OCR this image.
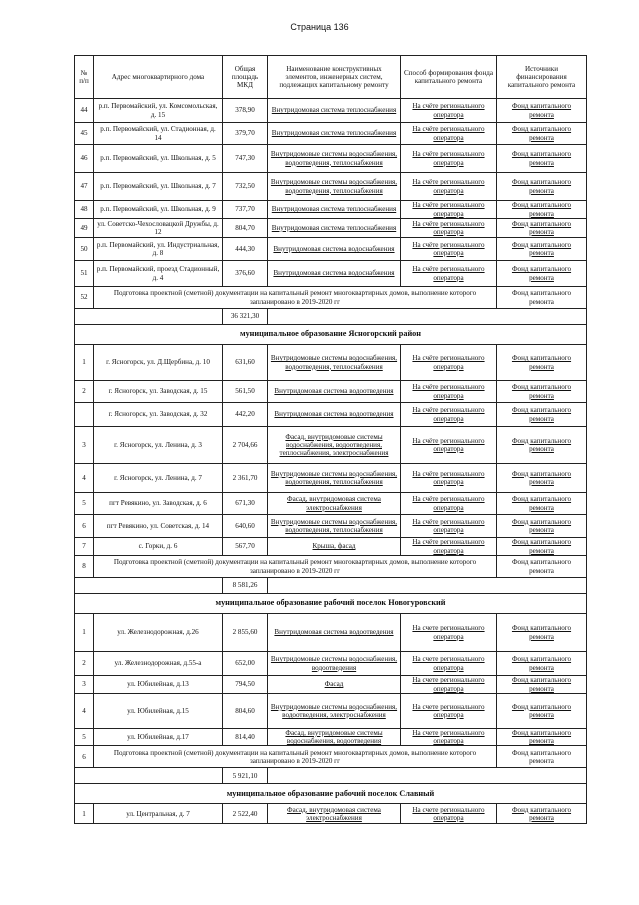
Страница 136
№ п/п	Адрес многоквартирного дома	Общая площадь МКД	Наименование конструктивных элементов, инженерных систем, подлежащих капитальному ремонту	Способ формирования фонда капитального ремонта	Источники финансирования капитального ремонта
44	р.п. Первомайский, ул. Комсомольская, д. 15	378,90	Внутридомовая система теплоснабжения	На счёте регионального оператора	Фонд капитального ремонта
45	р.п. Первомайский, ул. Стадионная, д. 14	379,70	Внутридомовая система теплоснабжения	На счёте регионального оператора	Фонд капитального ремонта
46	р.п. Первомайский, ул. Школьная, д. 5	747,30	Внутридомовые системы водоснабжения, водоотведения, теплоснабжения	На счёте регионального оператора	Фонд капитального ремонта
47	р.п. Первомайский, ул. Школьная, д. 7	732,50	Внутридомовые системы водоснабжения, водоотведения, теплоснабжения	На счёте регионального оператора	Фонд капитального ремонта
48	р.п. Первомайский, ул. Школьная, д. 9	737,70	Внутридомовая система теплоснабжения	На счёте регионального оператора	Фонд капитального ремонта
49	ул. Советско-Чехословацкой Дружбы, д. 12	804,70	Внутридомовая система теплоснабжения	На счёте регионального оператора	Фонд капитального ремонта
50	р.п. Первомайский, ул. Индустриальная, д. 8	444,30	Внутридомовая система водоснабжения	На счёте регионального оператора	Фонд капитального ремонта
51	р.п. Первомайский, проезд Стадионный, д. 4	376,60	Внутридомовая система водоснабжения	На счёте регионального оператора	Фонд капитального ремонта
52	Подготовка проектной (сметной) документации на капитальный ремонт многоквартирных домов, выполнение которого запланировано в 2019-2020 гг				Фонд капитального ремонта
		36 321,30			
муниципальное образование Ясногорский район					
1	г. Ясногорск, ул. Д.Щербина, д. 10	631,60	Внутридомовые системы водоснабжения, водоотведения, теплоснабжения	На счёте регионального оператора	Фонд капитального ремонта
2	г. Ясногорск, ул. Заводская, д. 15	561,50	Внутридомовая система водоотведения	На счёте регионального оператора	Фонд капитального ремонта
	г. Ясногорск, ул. Заводская, д. 32	442,20	Внутридомовая система водоотведения	На счёте регионального оператора	Фонд капитального ремонта
3	г. Ясногорск, ул. Ленина, д. 3	2 704,66	Фасад, внутридомовые системы водоснабжения, водоотведения, теплоснабжения, электроснабжения	На счёте регионального оператора	Фонд капитального ремонта
4	г. Ясногорск, ул. Ленина, д. 7	2 361,70	Внутридомовые системы водоснабжения, водоотведения, теплоснабжения	На счёте регионального оператора	Фонд капитального ремонта
5	пгт Ревякино, ул. Заводская, д. 6	671,30	Фасад, внутридомовая система электроснабжения	На счёте регионального оператора	Фонд капитального ремонта
6	пгт Ревякино, ул. Советская, д. 14	640,60	Внутридомовые системы водоснабжения, водоотведения, теплоснабжения	На счёте регионального оператора	Фонд капитального ремонта
7	с. Горки, д. 6	567,70	Крыша, фасад	На счёте регионального оператора	Фонд капитального ремонта
8	Подготовка проектной (сметной) документации на капитальный ремонт многоквартирных домов, выполнение которого запланировано в 2019-2020 гг				Фонд капитального ремонта
		8 581,26			
муниципальное образование рабочий поселок Новогуровский					
1	ул. Железнодорожная, д.26	2 855,60	Внутридомовая система водоотведения	На счете регионального оператора	Фонд капитального ремонта
2	ул. Железнодорожная, д.55-а	652,00	Внутридомовые системы водоснабжения, водоотведения	На счете регионального оператора	Фонд капитального ремонта
3	ул. Юбилейная, д.13	794,50	Фасад	На счете регионального оператора	Фонд капитального ремонта
4	ул. Юбилейная, д.15	804,60	Внутридомовые системы водоснабжения, водоотведения, электроснабжения	На счете регионального оператора	Фонд капитального ремонта
5	ул. Юбилейная, д.17	814,40	Фасад, внутридомовые системы водоснабжения, водоотведения	На счете регионального оператора	Фонд капитального ремонта
6	Подготовка проектной (сметной) документации на капитальный ремонт многоквартирных домов, выполнение которого запланировано в 2019-2020 гг				Фонд капитального ремонта
		5 921,10			
муниципальное образование рабочий поселок Славный					
1	ул. Центральная, д. 7	2 522,40	Фасад, внутридомовая система электроснабжения	На счете регионального оператора	Фонд капитального ремонта
